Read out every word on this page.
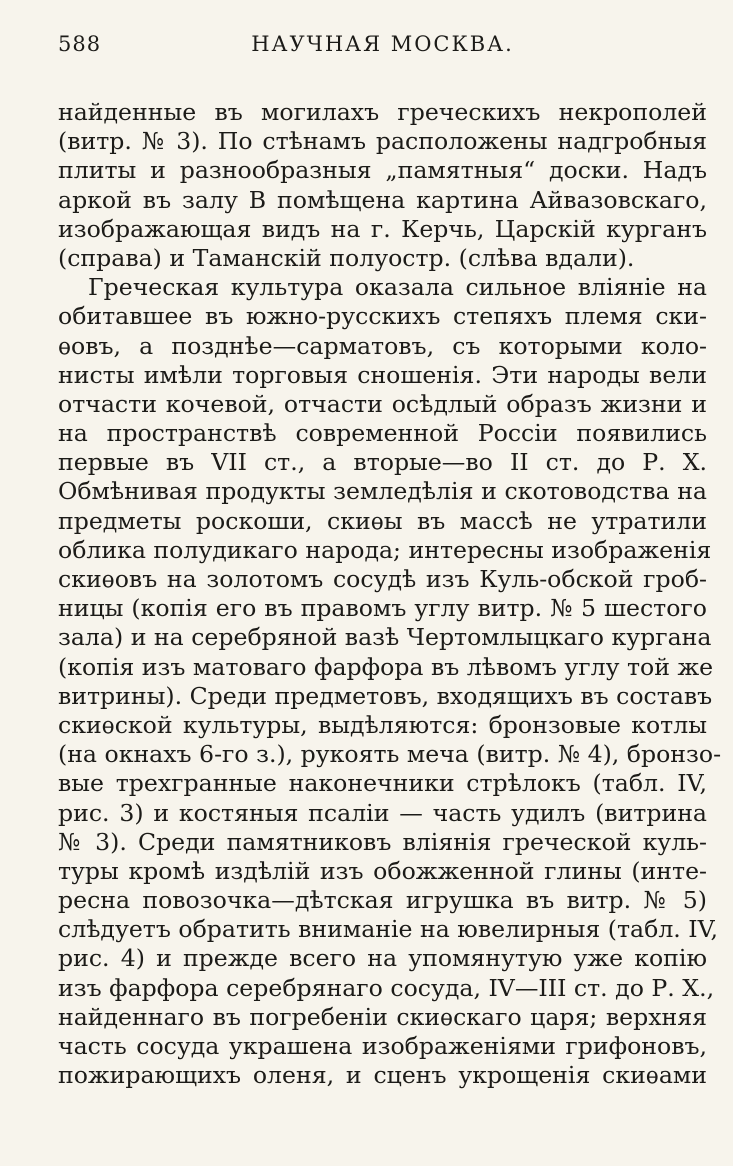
588	НАУЧНАЯ МОСКВА.
найденные въ могилахъ греческихъ некрополей
(витр. № 3). По стѣнамъ расположены надгробныя
плиты и разнообразныя „памятныя“ доски. Надъ
аркой въ залу В помѣщена картина Айвазовскаго,
изображающая видъ на г. Керчь, Царскій курганъ
(справа) и Таманскій полуостр. (слѣва вдали).
Греческая культура оказала сильное вліяніе на
обитавшее въ южно-русскихъ степяхъ племя ски-
ѳовъ, а позднѣе—сарматовъ, съ которыми коло-
нисты имѣли торговыя сношенія. Эти народы вели
отчасти кочевой, отчасти осѣдлый образъ жизни и
на пространствѣ современной Россіи появились
первые въ VII ст., а вторые—во II ст. до Р. Х.
Обмѣнивая продукты земледѣлія и скотоводства на
предметы роскоши, скиѳы въ массѣ не утратили
облика полудикаго народа; интересны изображенія
скиѳовъ на золотомъ сосудѣ изъ Куль-обской гроб-
ницы (копія его въ правомъ углу витр. № 5 шестого
зала) и на серебряной вазѣ Чертомлыцкаго кургана
(копія изъ матоваго фарфора въ лѣвомъ углу той же
витрины). Среди предметовъ, входящихъ въ составъ
скиѳской культуры, выдѣляются: бронзовые котлы
(на окнахъ 6-го з.), рукоять меча (витр. № 4), бронзо-
вые трехгранные наконечники стрѣлокъ (табл. IV,
рис. 3) и костяныя псаліи — часть удилъ (витрина
№ 3). Среди памятниковъ вліянія греческой куль-
туры кромѣ издѣлій изъ обожженной глины (инте-
ресна повозочка—дѣтская игрушка въ витр. № 5)
слѣдуетъ обратить вниманіе на ювелирныя (табл. IV,
рис. 4) и прежде всего на упомянутую уже копію
изъ фарфора серебрянаго сосуда, IV—III ст. до Р. Х.,
найденнаго въ погребеніи скиѳскаго царя; верхняя
часть сосуда украшена изображеніями грифоновъ,
пожирающихъ оленя, и сценъ укрощенія скиѳами
